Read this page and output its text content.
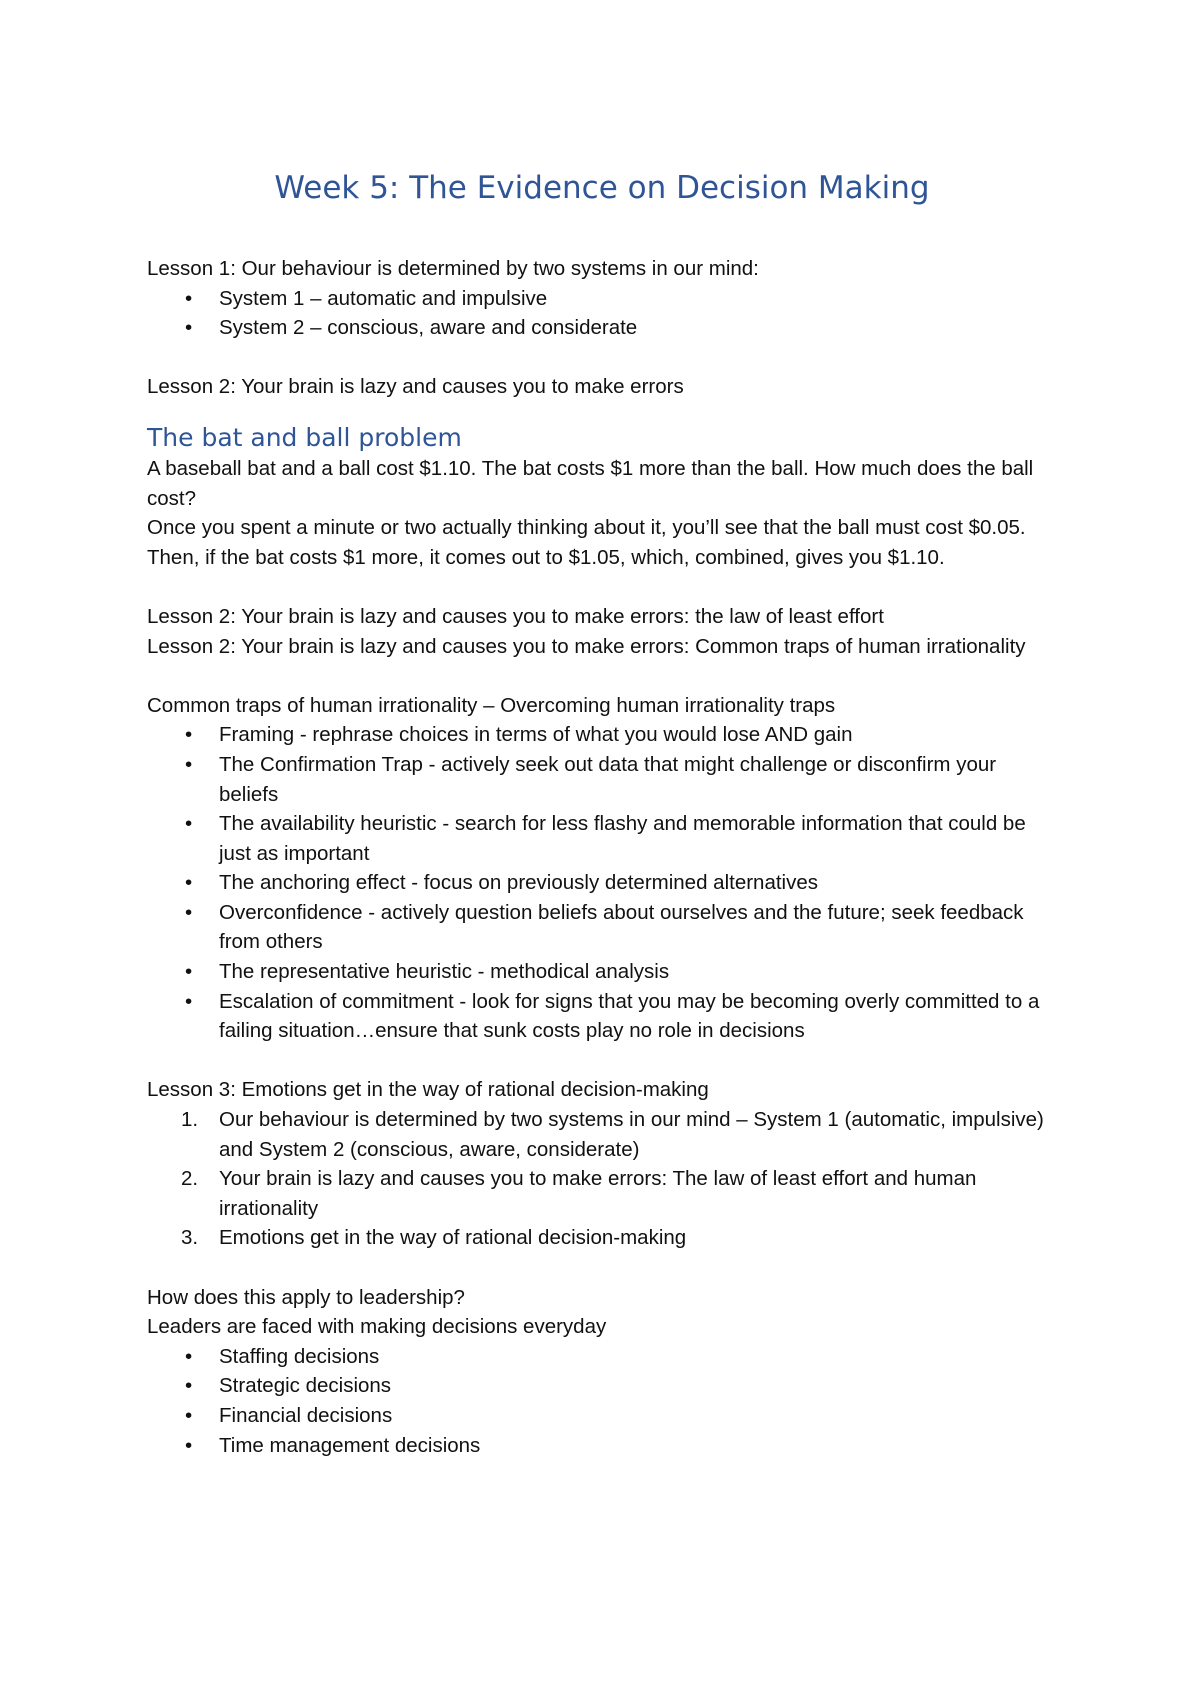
Week 5: The Evidence on Decision Making

Lesson 1: Our behaviour is determined by two systems in our mind:

• System 1 – automatic and impulsive
• System 2 – conscious, aware and considerate

Lesson 2: Your brain is lazy and causes you to make errors

The bat and ball problem

A baseball bat and a ball cost $1.10. The bat costs $1 more than the ball. How much does the ball cost?

Once you spent a minute or two actually thinking about it, you’ll see that the ball must cost $0.05. Then, if the bat costs $1 more, it comes out to $1.05, which, combined, gives you $1.10.

Lesson 2: Your brain is lazy and causes you to make errors: the law of least effort

Lesson 2: Your brain is lazy and causes you to make errors: Common traps of human irrationality

Common traps of human irrationality – Overcoming human irrationality traps

• Framing - rephrase choices in terms of what you would lose AND gain
• The Confirmation Trap - actively seek out data that might challenge or disconfirm your beliefs
• The availability heuristic - search for less flashy and memorable information that could be just as important
• The anchoring effect - focus on previously determined alternatives
• Overconfidence - actively question beliefs about ourselves and the future; seek feedback from others
• The representative heuristic - methodical analysis
• Escalation of commitment - look for signs that you may be becoming overly committed to a failing situation…ensure that sunk costs play no role in decisions

Lesson 3: Emotions get in the way of rational decision-making

1. Our behaviour is determined by two systems in our mind – System 1 (automatic, impulsive) and System 2 (conscious, aware, considerate)
2. Your brain is lazy and causes you to make errors: The law of least effort and human irrationality
3. Emotions get in the way of rational decision-making

How does this apply to leadership?

Leaders are faced with making decisions everyday

• Staffing decisions
• Strategic decisions
• Financial decisions
• Time management decisions
